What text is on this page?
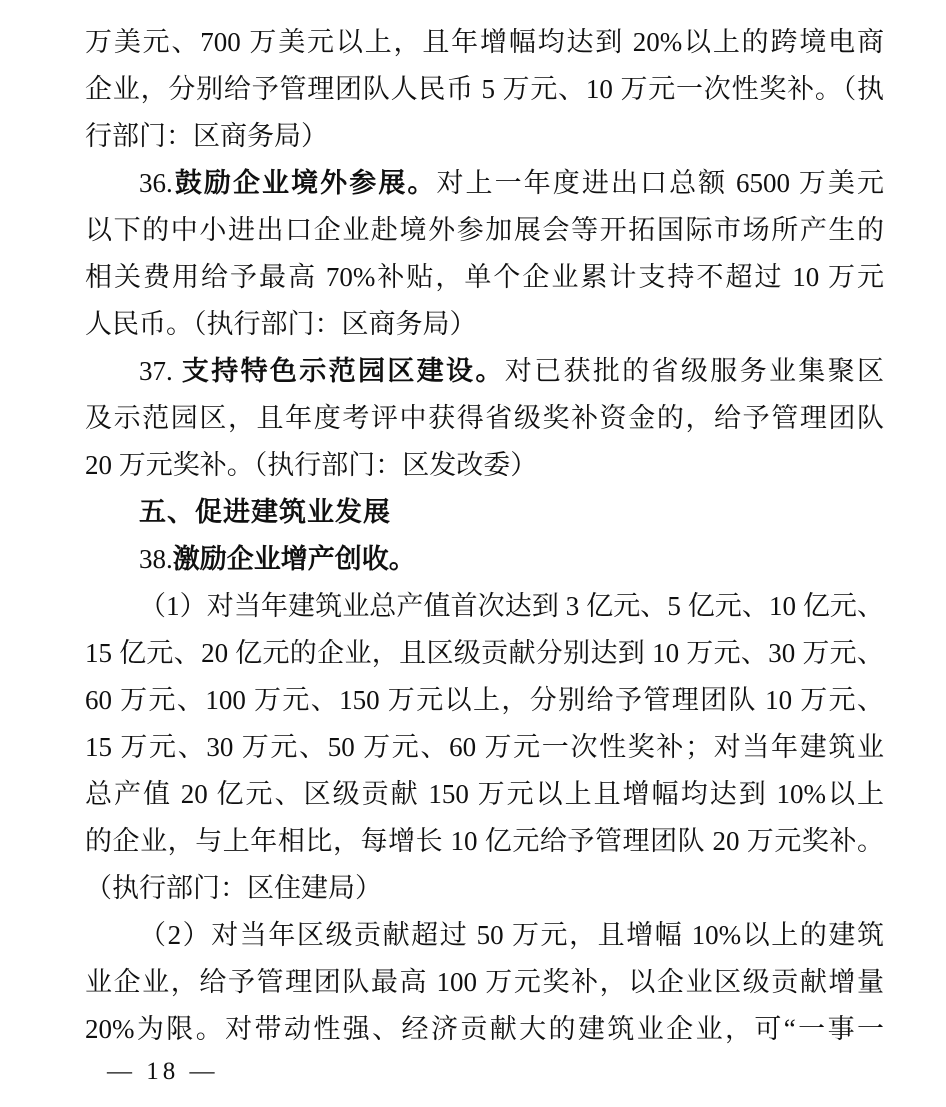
万美元、700 万美元以上，且年增幅均达到 20%以上的跨境电商
企业，分别给予管理团队人民币 5 万元、10 万元一次性奖补。（执
行部门：区商务局）
36.鼓励企业境外参展。对上一年度进出口总额 6500 万美元
以下的中小进出口企业赴境外参加展会等开拓国际市场所产生的
相关费用给予最高 70%补贴，单个企业累计支持不超过 10 万元
人民币。（执行部门：区商务局）
37. 支持特色示范园区建设。对已获批的省级服务业集聚区
及示范园区，且年度考评中获得省级奖补资金的，给予管理团队
20 万元奖补。（执行部门：区发改委）
五、促进建筑业发展
38.激励企业增产创收。
（1）对当年建筑业总产值首次达到 3 亿元、5 亿元、10 亿元、
15 亿元、20 亿元的企业，且区级贡献分别达到 10 万元、30 万元、
60 万元、100 万元、150 万元以上，分别给予管理团队 10 万元、
15 万元、30 万元、50 万元、60 万元一次性奖补；对当年建筑业
总产值 20 亿元、区级贡献 150 万元以上且增幅均达到 10%以上
的企业，与上年相比，每增长 10 亿元给予管理团队 20 万元奖补。
（执行部门：区住建局）
（2）对当年区级贡献超过 50 万元，且增幅 10%以上的建筑
业企业，给予管理团队最高 100 万元奖补，以企业区级贡献增量
20%为限。对带动性强、经济贡献大的建筑业企业，可“一事一
— 18 —
